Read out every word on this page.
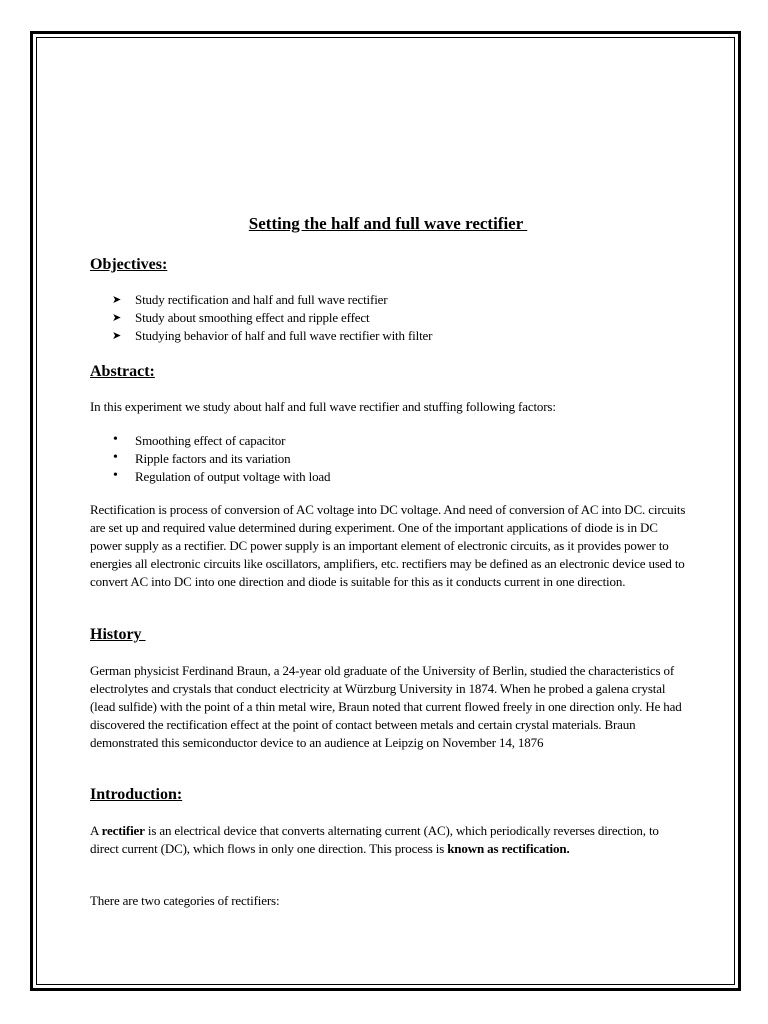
Setting the half and full wave rectifier
Objectives:
➤ Study rectification and half and full wave rectifier
➤ Study about smoothing effect and ripple effect
➤ Studying behavior of half and full wave rectifier with filter
Abstract:
In this experiment we study about half and full wave rectifier and stuffing following factors:
• Smoothing effect of capacitor
• Ripple factors and its variation
• Regulation of output voltage with load
Rectification is process of conversion of AC voltage into DC voltage. And need of conversion of AC into DC. circuits are set up and required value determined during experiment. One of the important applications of diode is in DC power supply as a rectifier. DC power supply is an important element of electronic circuits, as it provides power to energies all electronic circuits like oscillators, amplifiers, etc. rectifiers may be defined as an electronic device used to convert AC into DC into one direction and diode is suitable for this as it conducts current in one direction.
History
German physicist Ferdinand Braun, a 24-year old graduate of the University of Berlin, studied the characteristics of electrolytes and crystals that conduct electricity at Würzburg University in 1874. When he probed a galena crystal (lead sulfide) with the point of a thin metal wire, Braun noted that current flowed freely in one direction only. He had discovered the rectification effect at the point of contact between metals and certain crystal materials. Braun demonstrated this semiconductor device to an audience at Leipzig on November 14, 1876
Introduction:
A rectifier is an electrical device that converts alternating current (AC), which periodically reverses direction, to direct current (DC), which flows in only one direction. This process is known as rectification.
There are two categories of rectifiers:
